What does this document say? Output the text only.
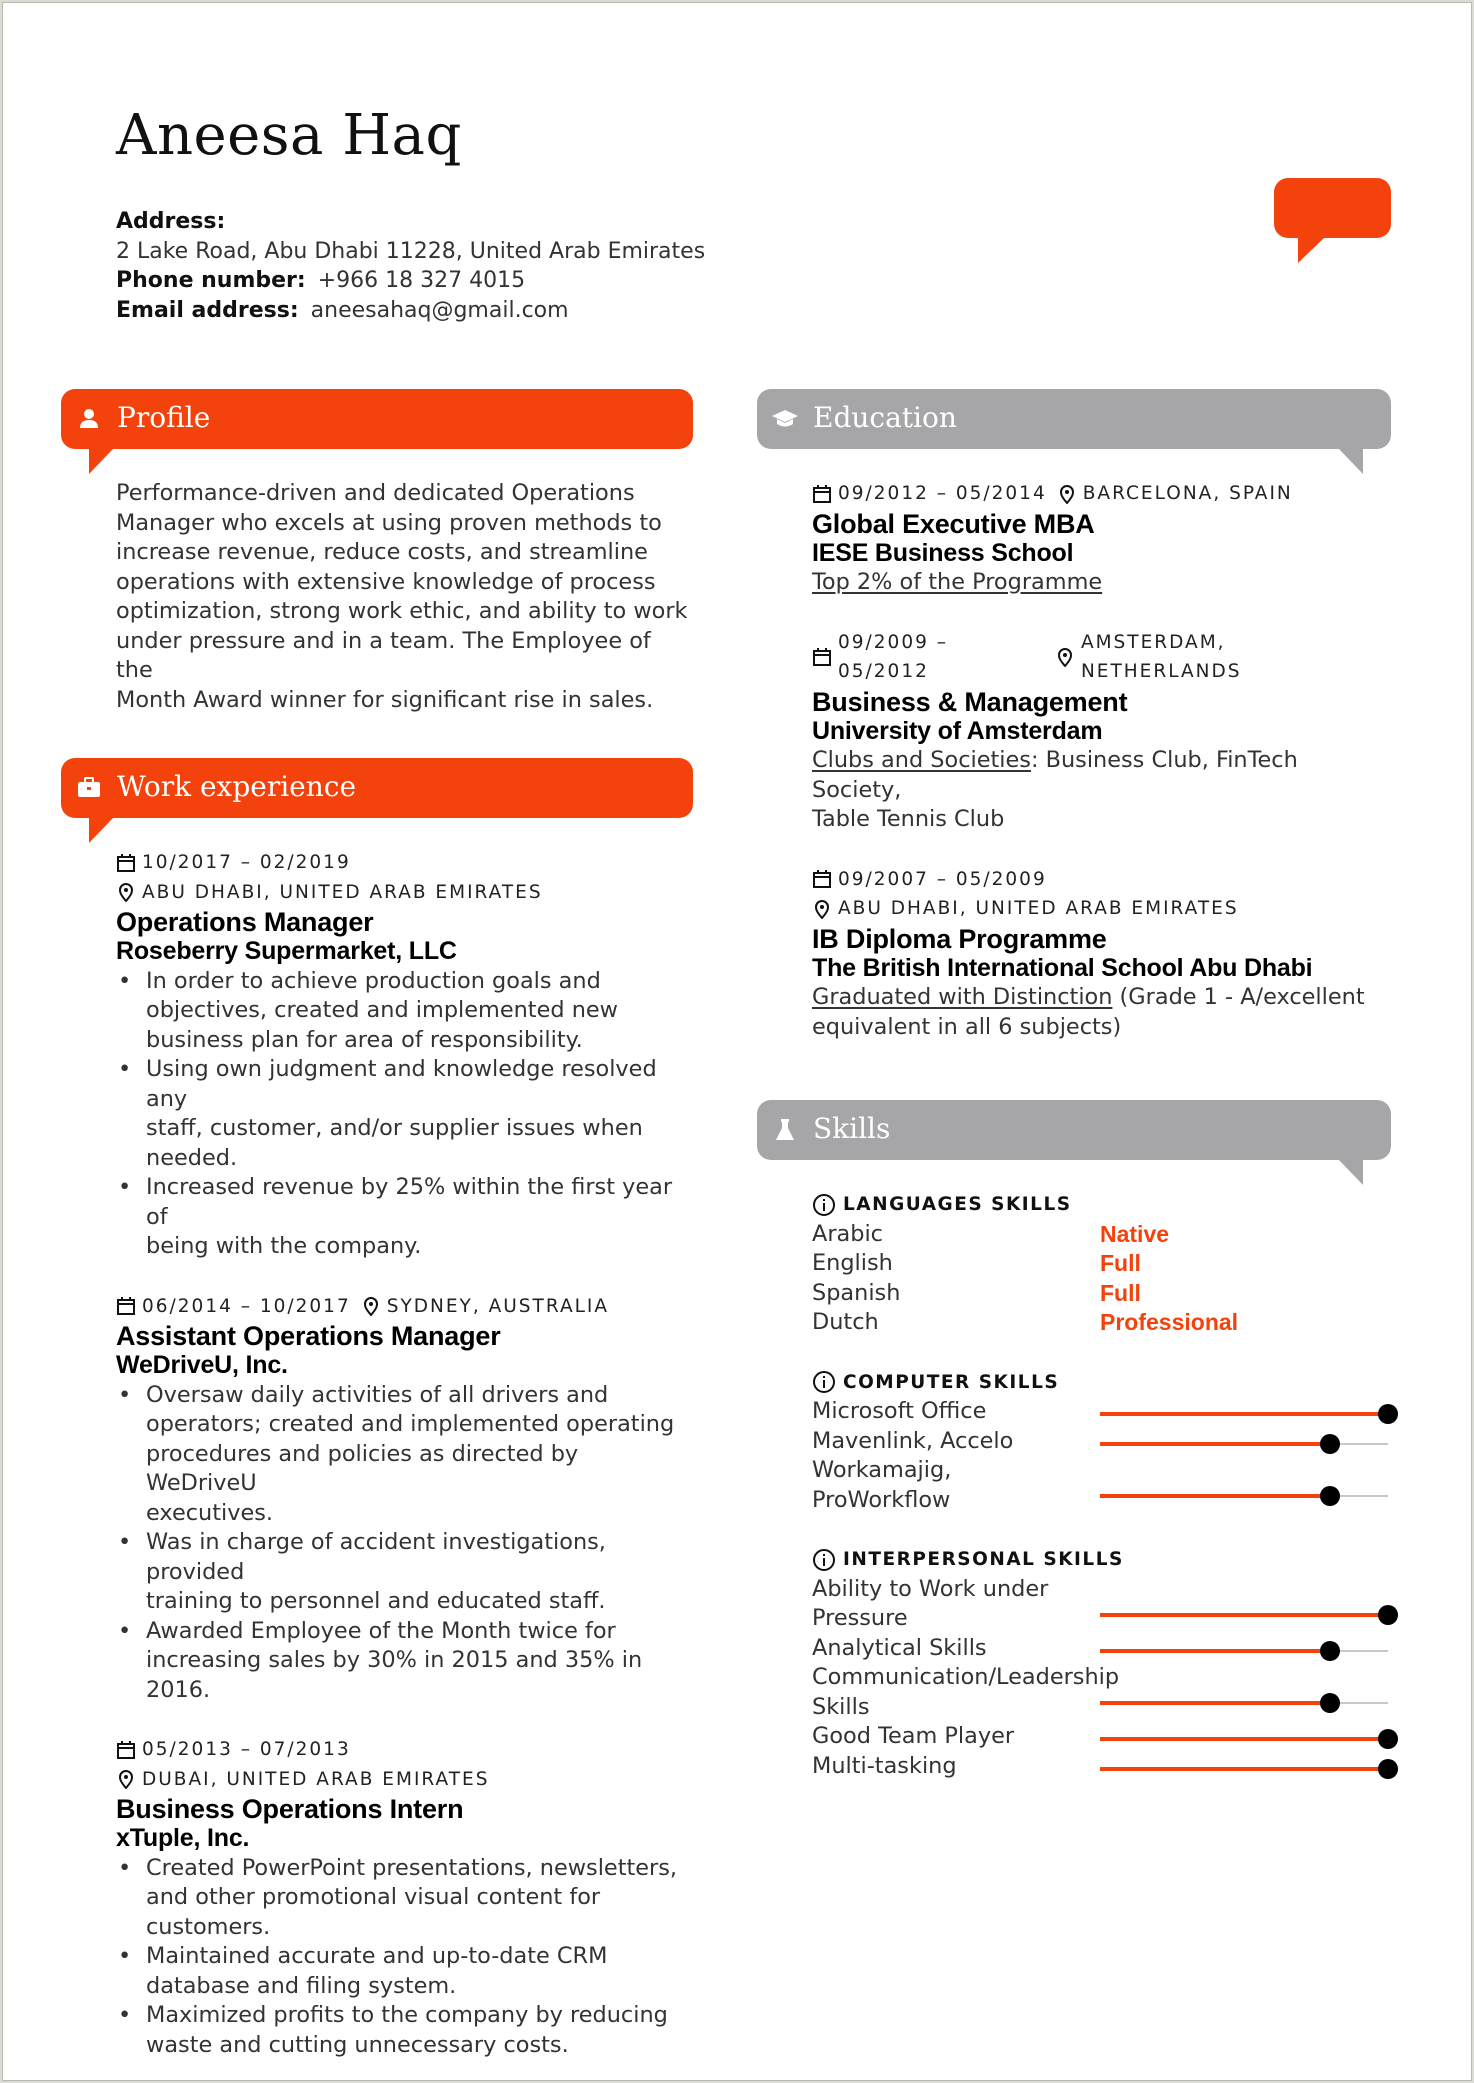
Aneesa Haq
Address:
2 Lake Road, Abu Dhabi 11228, United Arab Emirates
Phone number: +966 18 327 4015
Email address: aneesahaq@gmail.com
Profile
Performance-driven and dedicated Operations
Manager who excels at using proven methods to
increase revenue, reduce costs, and streamline
operations with extensive knowledge of process
optimization, strong work ethic, and ability to work
under pressure and in a team. The Employee of the
Month Award winner for significant rise in sales.
Work experience
10/2017 – 02/2019
ABU DHABI, UNITED ARAB EMIRATES
Operations Manager
Roseberry Supermarket, LLC
• In order to achieve production goals and
objectives, created and implemented new
business plan for area of responsibility.
• Using own judgment and knowledge resolved any
staff, customer, and/or supplier issues when
needed.
• Increased revenue by 25% within the first year of
being with the company.
06/2014 – 10/2017 SYDNEY, AUSTRALIA
Assistant Operations Manager
WeDriveU, Inc.
• Oversaw daily activities of all drivers and
operators; created and implemented operating
procedures and policies as directed by WeDriveU
executives.
• Was in charge of accident investigations, provided
training to personnel and educated staff.
• Awarded Employee of the Month twice for
increasing sales by 30% in 2015 and 35% in 2016.
05/2013 – 07/2013
DUBAI, UNITED ARAB EMIRATES
Business Operations Intern
xTuple, Inc.
• Created PowerPoint presentations, newsletters,
and other promotional visual content for
customers.
• Maintained accurate and up-to-date CRM
database and filing system.
• Maximized profits to the company by reducing
waste and cutting unnecessary costs.
Education
09/2012 – 05/2014 BARCELONA, SPAIN
Global Executive MBA
IESE Business School
Top 2% of the Programme
09/2009 – 05/2012
AMSTERDAM, NETHERLANDS
Business & Management
University of Amsterdam
Clubs and Societies: Business Club, FinTech Society,
Table Tennis Club
09/2007 – 05/2009
ABU DHABI, UNITED ARAB EMIRATES
IB Diploma Programme
The British International School Abu Dhabi
Graduated with Distinction (Grade 1 - A/excellent
equivalent in all 6 subjects)
Skills
LANGUAGES SKILLS
Arabic	Native
English	Full
Spanish	Full
Dutch	Professional
COMPUTER SKILLS
Microsoft Office
Mavenlink, Accelo
Workamajig,
ProWorkflow
INTERPERSONAL SKILLS
Ability to Work under
Pressure
Analytical Skills
Communication/Leadership
Skills
Good Team Player
Multi-tasking
